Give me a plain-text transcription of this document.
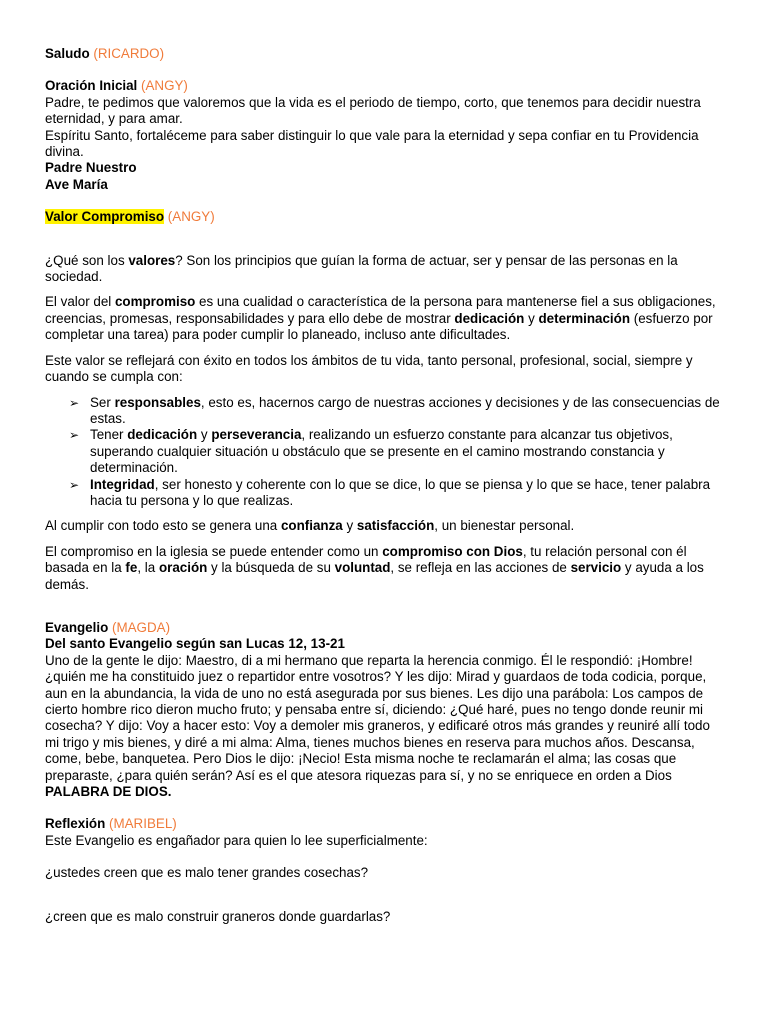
Saludo (RICARDO)

Oración Inicial (ANGY)

Padre, te pedimos que valoremos que la vida es el periodo de tiempo, corto, que tenemos para decidir nuestra eternidad, y para amar.

Espíritu Santo, fortaléceme para saber distinguir lo que vale para la eternidad y sepa confiar en tu Providencia divina.

Padre Nuestro

Ave María

Valor Compromiso (ANGY)

¿Qué son los valores? Son los principios que guían la forma de actuar, ser y pensar de las personas en la sociedad.

El valor del compromiso es una cualidad o característica de la persona para mantenerse fiel a sus obligaciones, creencias, promesas, responsabilidades y para ello debe de mostrar dedicación y determinación (esfuerzo por completar una tarea) para poder cumplir lo planeado, incluso ante dificultades.

Este valor se reflejará con éxito en todos los ámbitos de tu vida, tanto personal, profesional, social, siempre y cuando se cumpla con:

➢ Ser responsables, esto es, hacernos cargo de nuestras acciones y decisiones y de las consecuencias de estas.
➢ Tener dedicación y perseverancia, realizando un esfuerzo constante para alcanzar tus objetivos, superando cualquier situación u obstáculo que se presente en el camino mostrando constancia y determinación.
➢ Integridad, ser honesto y coherente con lo que se dice, lo que se piensa y lo que se hace, tener palabra hacia tu persona y lo que realizas.

Al cumplir con todo esto se genera una confianza y satisfacción, un bienestar personal.

El compromiso en la iglesia se puede entender como un compromiso con Dios, tu relación personal con él basada en la fe, la oración y la búsqueda de su voluntad, se refleja en las acciones de servicio y ayuda a los demás.

Evangelio (MAGDA)

Del santo Evangelio según san Lucas 12, 13-21

Uno de la gente le dijo: Maestro, di a mi hermano que reparta la herencia conmigo. Él le respondió: ¡Hombre! ¿quién me ha constituido juez o repartidor entre vosotros? Y les dijo: Mirad y guardaos de toda codicia, porque, aun en la abundancia, la vida de uno no está asegurada por sus bienes. Les dijo una parábola: Los campos de cierto hombre rico dieron mucho fruto; y pensaba entre sí, diciendo: ¿Qué haré, pues no tengo donde reunir mi cosecha? Y dijo: Voy a hacer esto: Voy a demoler mis graneros, y edificaré otros más grandes y reuniré allí todo mi trigo y mis bienes, y diré a mi alma: Alma, tienes muchos bienes en reserva para muchos años. Descansa, come, bebe, banquetea. Pero Dios le dijo: ¡Necio! Esta misma noche te reclamarán el alma; las cosas que preparaste, ¿para quién serán? Así es el que atesora riquezas para sí, y no se enriquece en orden a Dios PALABRA DE DIOS.

Reflexión (MARIBEL)

Este Evangelio es engañador para quien lo lee superficialmente:

¿ustedes creen que es malo tener grandes cosechas?

¿creen que es malo construir graneros donde guardarlas?
